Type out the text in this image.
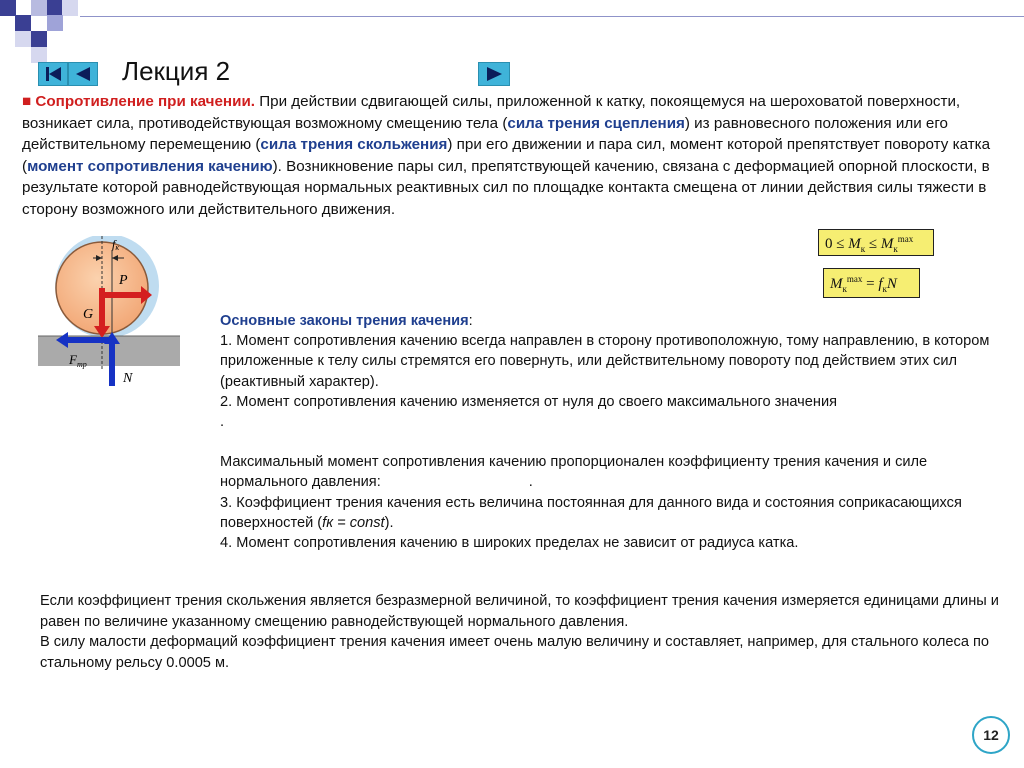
Лекция 2
■ Сопротивление при качении. При действии сдвигающей силы, приложенной к катку, покоящемуся на шероховатой поверхности, возникает сила, противодействующая возможному смещению тела (сила трения сцепления) из равновесного положения или его действительному перемещению (сила трения скольжения) при его движении и пара сил, момент которой препятствует повороту катка (момент сопротивления качению). Возникновение пары сил, препятствующей качению, связана с деформацией опорной плоскости, в результате которой равнодействующая нормальных реактивных сил по площадке контакта смещена от линии действия силы тяжести в сторону возможного или действительного движения.
$0 \le M_к \le M_к^{max}$
$M_к^{max} = f_кN$
fк
P
G
$F_{тр}$
N

Основные законы трения качения:

1. Момент сопротивления качению всегда направлен в сторону противоположную, тому направлению, в котором приложенные к телу силы стремятся его повернуть, или действительному повороту под действием этих сил (реактивный характер).

2. Момент сопротивления качению изменяется от нуля до своего максимального значения

.

Максимальный момент сопротивления качению пропорционален коэффициенту трения качения и силе нормального давления:	.

3. Коэффициент трения качения есть величина постоянная для данного вида и состояния соприкасающихся поверхностей (fк = const).

4. Момент сопротивления качению в широких пределах не зависит от радиуса катка.

Если коэффициент трения скольжения является безразмерной величиной, то коэффициент трения качения измеряется единицами длины и равен по величине указанному смещению равнодействующей нормального давления.
В силу малости деформаций коэффициент трения качения имеет очень малую величину и составляет, например, для стального колеса по стальному рельсу 0.0005 м.
12
